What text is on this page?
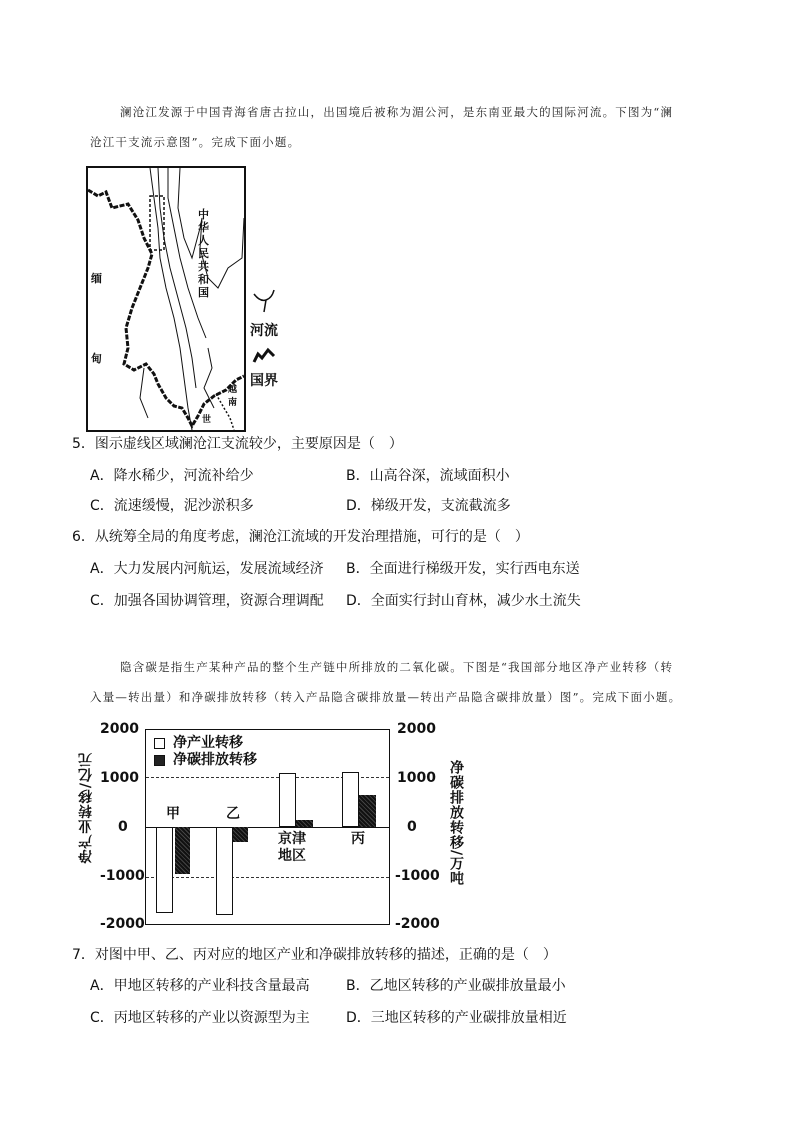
澜沧江发源于中国青海省唐古拉山，出国境后被称为湄公河，是东南亚最大的国际河流。下图为“澜
沧江干支流示意图”。完成下面小题。
中
华
人
民
共
和
国
缅
甸
越
南
世
河流
国界
5．图示虚线区域澜沧江支流较少，主要原因是（　）
A．降水稀少，河流补给少	B．山高谷深，流域面积小
C．流速缓慢，泥沙淤积多	D．梯级开发，支流截流多
6．从统筹全局的角度考虑，澜沧江流域的开发治理措施，可行的是（　）
A．大力发展内河航运，发展流域经济 B．全面进行梯级开发，实行西电东送
C．加强各国协调管理，资源合理调配 D．全面实行封山育林，减少水土流失
隐含碳是指生产某种产品的整个生产链中所排放的二氧化碳。下图是“我国部分地区净产业转移（转
入量—转出量）和净碳排放转移（转入产品隐含碳排放量—转出产品隐含碳排放量）图”。完成下面小题。
2000
1000
0
-1000
-2000
2000
1000
0
-1000
-2000
净产业转移/亿元	净碳排放转移/万吨
净产业转移
净碳排放转移
甲	乙
京津
地区
丙
7．对图中甲、乙、丙对应的地区产业和净碳排放转移的描述，正确的是（　）
A．甲地区转移的产业科技含量最高	B．乙地区转移的产业碳排放量最小
C．丙地区转移的产业以资源型为主	D．三地区转移的产业碳排放量相近
